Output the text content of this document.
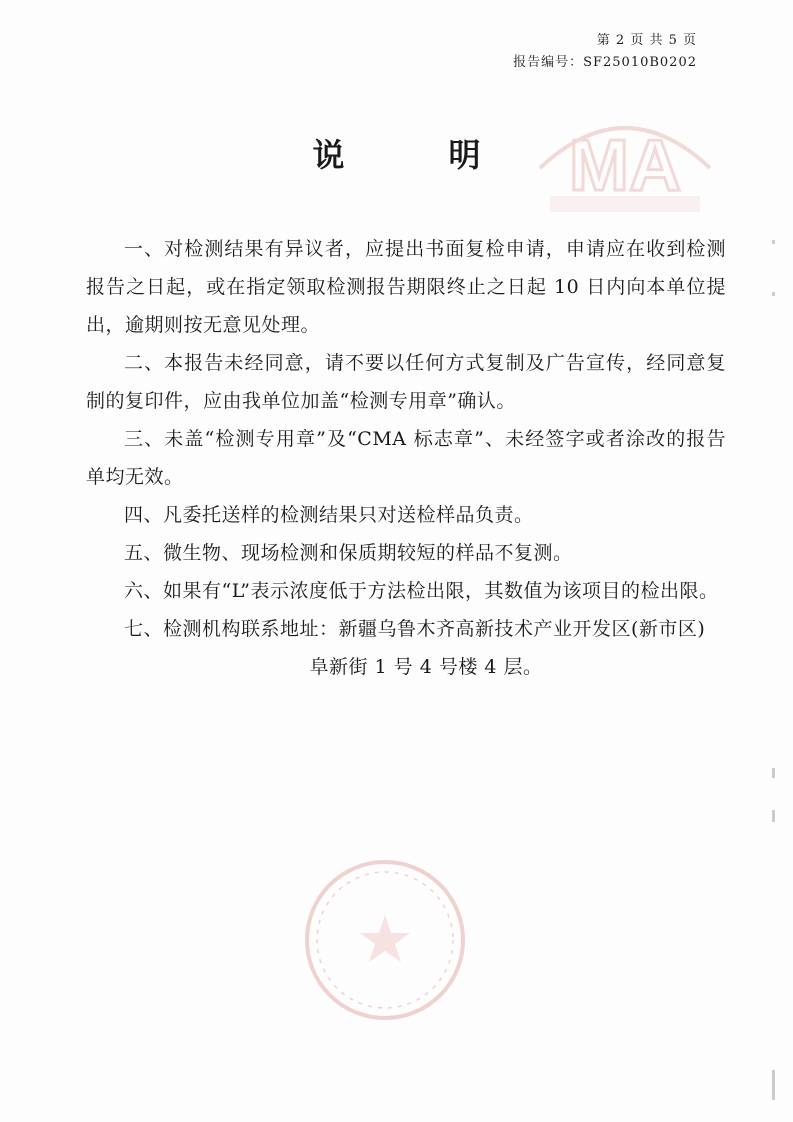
MA
第 2 页 共 5 页
报告编号：SF25010B0202
说　明

一、对检测结果有异议者，应提出书面复检申请，申请应在收到检测报告之日起，或在指定领取检测报告期限终止之日起 10 日内向本单位提出，逾期则按无意见处理。

二、本报告未经同意，请不要以任何方式复制及广告宣传，经同意复制的复印件，应由我单位加盖“检测专用章”确认。

三、未盖“检测专用章”及“CMA 标志章”、未经签字或者涂改的报告单均无效。

四、凡委托送样的检测结果只对送检样品负责。

五、微生物、现场检测和保质期较短的样品不复测。

六、如果有“L”表示浓度低于方法检出限，其数值为该项目的检出限。

七、检测机构联系地址：新疆乌鲁木齐高新技术产业开发区(新市区)

阜新街 1 号 4 号楼 4 层。
